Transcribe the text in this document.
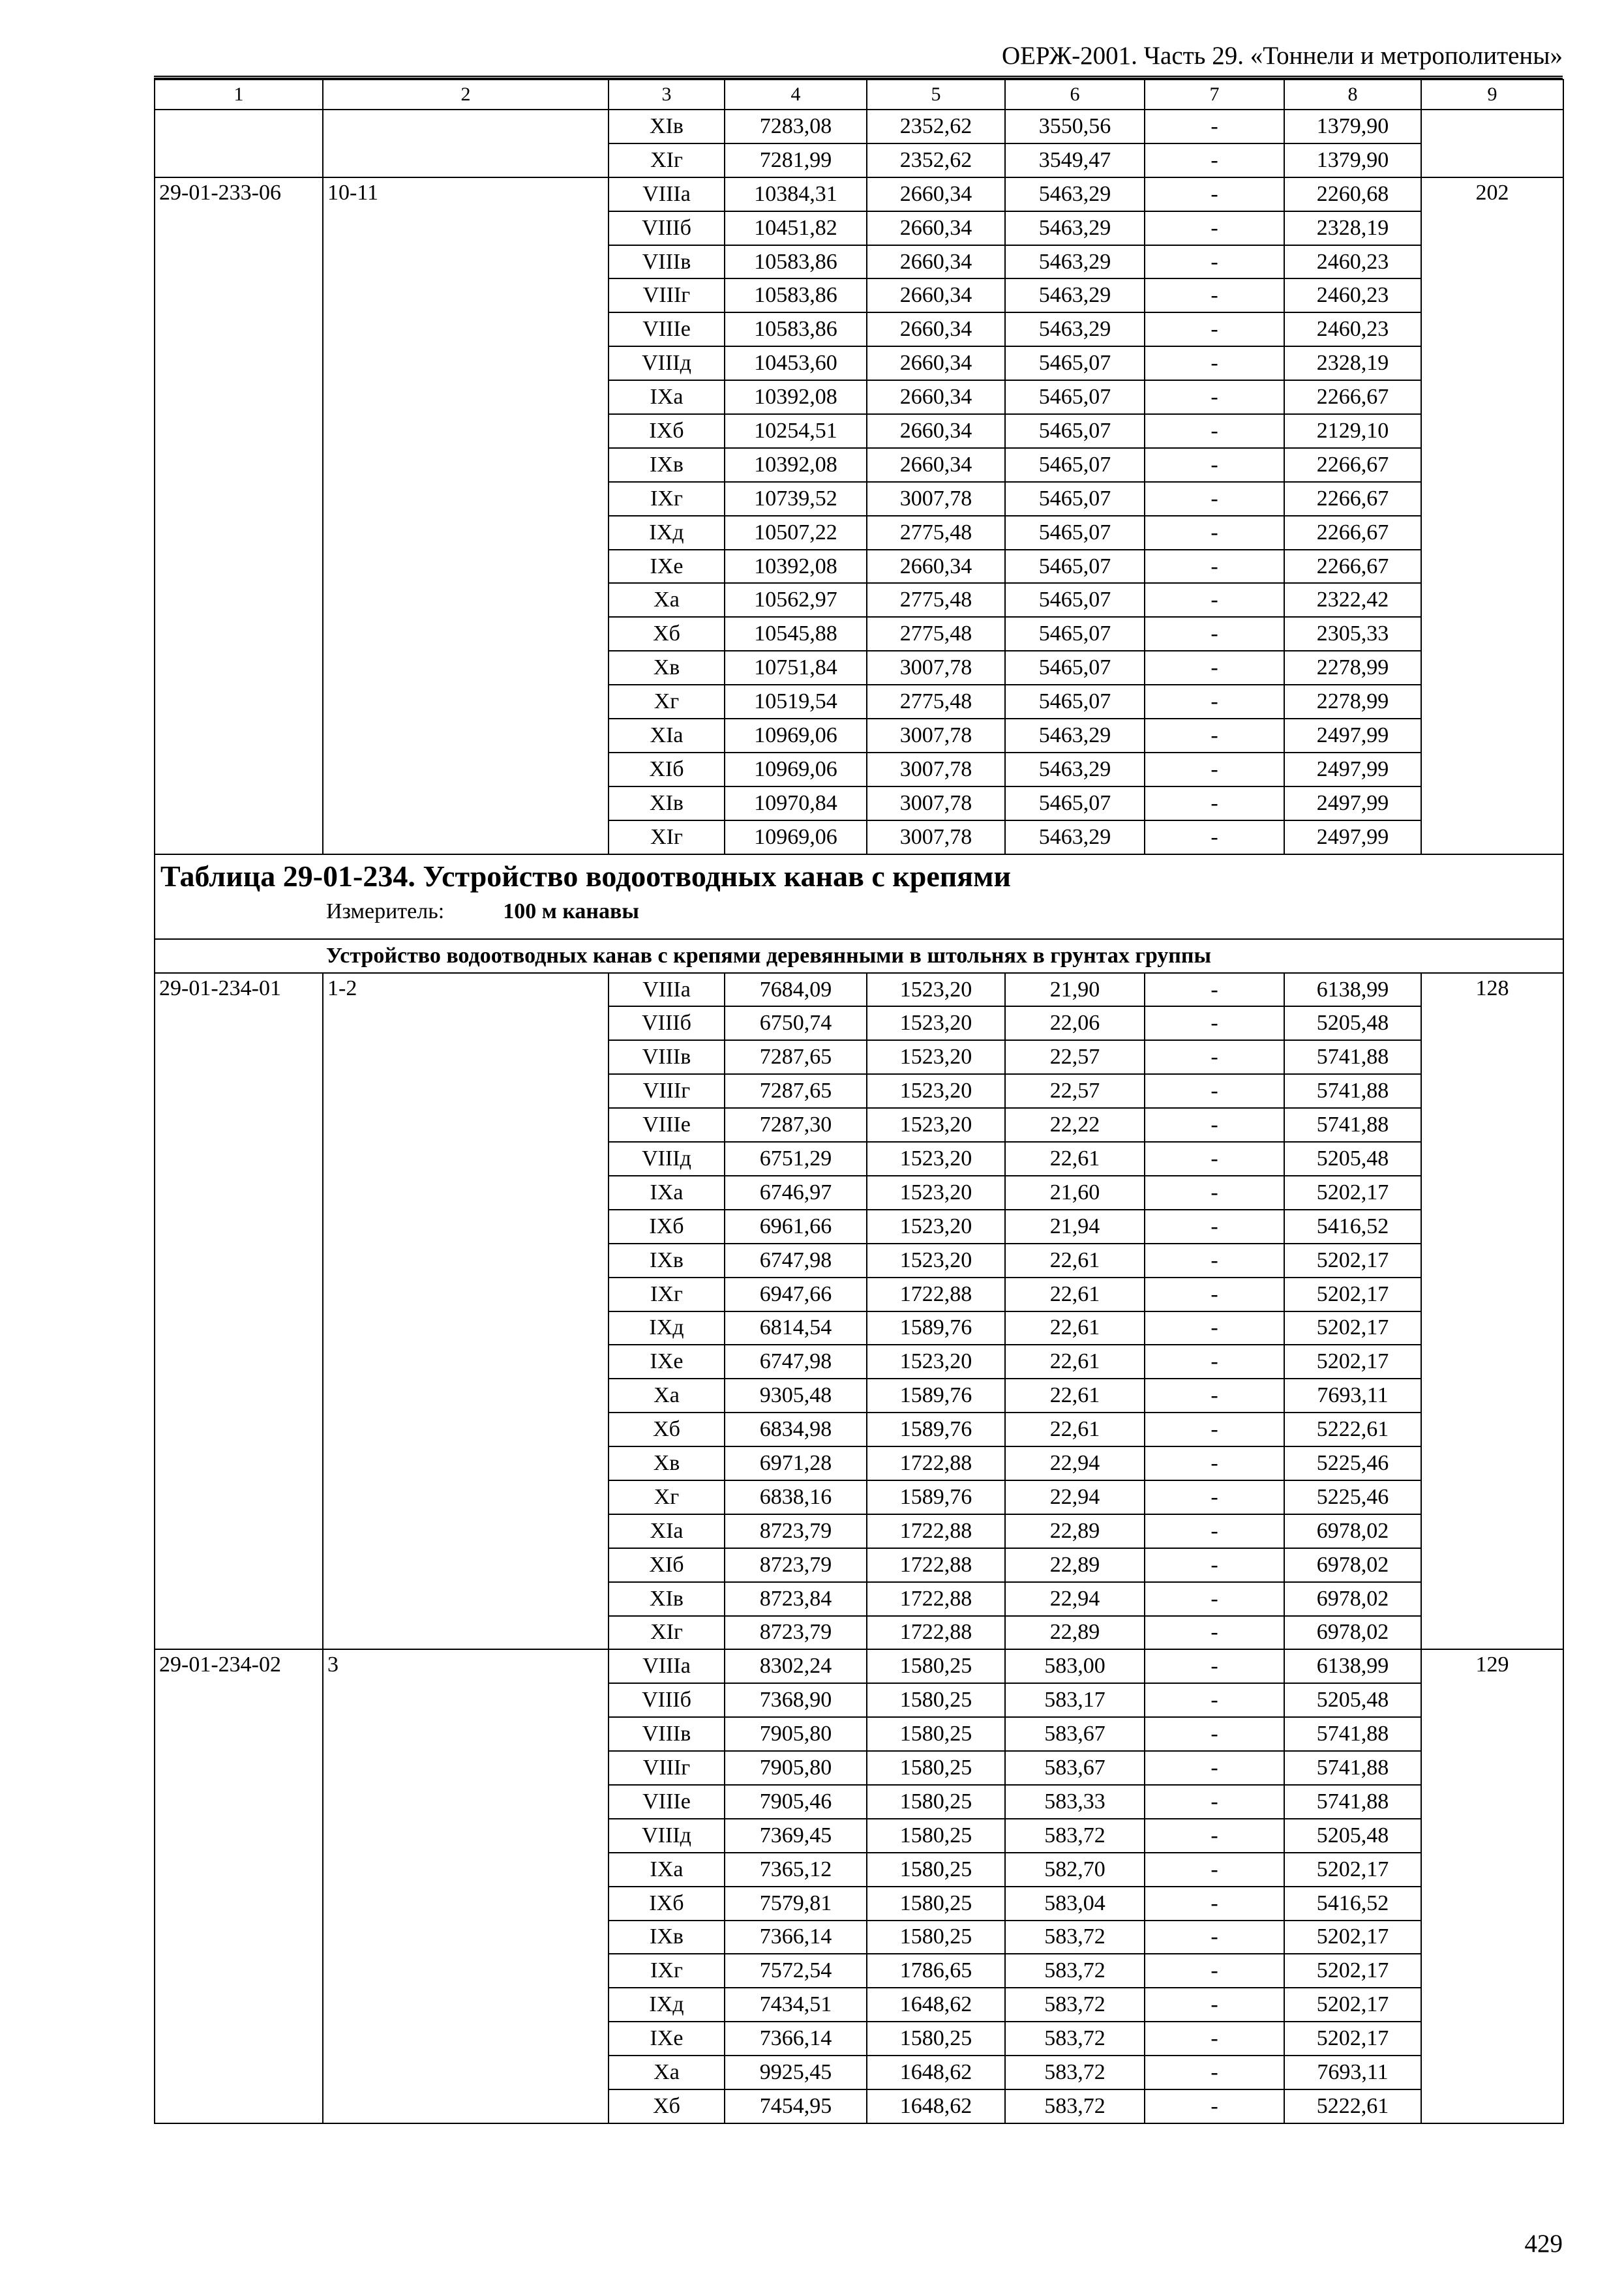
ОЕРЖ-2001. Часть 29. «Тоннели и метрополитены»
1	2	3	4	5	6	7	8	9
		XIв	7283,08	2352,62	3550,56	-	1379,90	
		XIг	7281,99	2352,62	3549,47	-	1379,90	
29-01-233-06	10-11	VIIIа	10384,31	2660,34	5463,29	-	2260,68	202
		VIIIб	10451,82	2660,34	5463,29	-	2328,19	
		VIIIв	10583,86	2660,34	5463,29	-	2460,23	
		VIIIг	10583,86	2660,34	5463,29	-	2460,23	
		VIIIе	10583,86	2660,34	5463,29	-	2460,23	
		VIIIд	10453,60	2660,34	5465,07	-	2328,19	
		IXа	10392,08	2660,34	5465,07	-	2266,67	
		IXб	10254,51	2660,34	5465,07	-	2129,10	
		IXв	10392,08	2660,34	5465,07	-	2266,67	
		IXг	10739,52	3007,78	5465,07	-	2266,67	
		IXд	10507,22	2775,48	5465,07	-	2266,67	
		IXе	10392,08	2660,34	5465,07	-	2266,67	
		Xа	10562,97	2775,48	5465,07	-	2322,42	
		Xб	10545,88	2775,48	5465,07	-	2305,33	
		Xв	10751,84	3007,78	5465,07	-	2278,99	
		Xг	10519,54	2775,48	5465,07	-	2278,99	
		XIа	10969,06	3007,78	5463,29	-	2497,99	
		XIб	10969,06	3007,78	5463,29	-	2497,99	
		XIв	10970,84	3007,78	5465,07	-	2497,99	
		XIг	10969,06	3007,78	5463,29	-	2497,99	

Таблица 29-01-234. Устройство водоотводных канав с крепями
Измеритель: 100 м канавы								

Устройство водоотводных канав с крепями деревянными в штольнях в грунтах группы								
29-01-234-01	1-2	VIIIа	7684,09	1523,20	21,90	-	6138,99	128
		VIIIб	6750,74	1523,20	22,06	-	5205,48	
		VIIIв	7287,65	1523,20	22,57	-	5741,88	
		VIIIг	7287,65	1523,20	22,57	-	5741,88	
		VIIIе	7287,30	1523,20	22,22	-	5741,88	
		VIIIд	6751,29	1523,20	22,61	-	5205,48	
		IXа	6746,97	1523,20	21,60	-	5202,17	
		IXб	6961,66	1523,20	21,94	-	5416,52	
		IXв	6747,98	1523,20	22,61	-	5202,17	
		IXг	6947,66	1722,88	22,61	-	5202,17	
		IXд	6814,54	1589,76	22,61	-	5202,17	
		IXе	6747,98	1523,20	22,61	-	5202,17	
		Xа	9305,48	1589,76	22,61	-	7693,11	
		Xб	6834,98	1589,76	22,61	-	5222,61	
		Xв	6971,28	1722,88	22,94	-	5225,46	
		Xг	6838,16	1589,76	22,94	-	5225,46	
		XIа	8723,79	1722,88	22,89	-	6978,02	
		XIб	8723,79	1722,88	22,89	-	6978,02	
		XIв	8723,84	1722,88	22,94	-	6978,02	
		XIг	8723,79	1722,88	22,89	-	6978,02	
29-01-234-02	3	VIIIа	8302,24	1580,25	583,00	-	6138,99	129
		VIIIб	7368,90	1580,25	583,17	-	5205,48	
		VIIIв	7905,80	1580,25	583,67	-	5741,88	
		VIIIг	7905,80	1580,25	583,67	-	5741,88	
		VIIIе	7905,46	1580,25	583,33	-	5741,88	
		VIIIд	7369,45	1580,25	583,72	-	5205,48	
		IXа	7365,12	1580,25	582,70	-	5202,17	
		IXб	7579,81	1580,25	583,04	-	5416,52	
		IXв	7366,14	1580,25	583,72	-	5202,17	
		IXг	7572,54	1786,65	583,72	-	5202,17	
		IXд	7434,51	1648,62	583,72	-	5202,17	
		IXе	7366,14	1580,25	583,72	-	5202,17	
		Xа	9925,45	1648,62	583,72	-	7693,11	
		Xб	7454,95	1648,62	583,72	-	5222,61	
429
